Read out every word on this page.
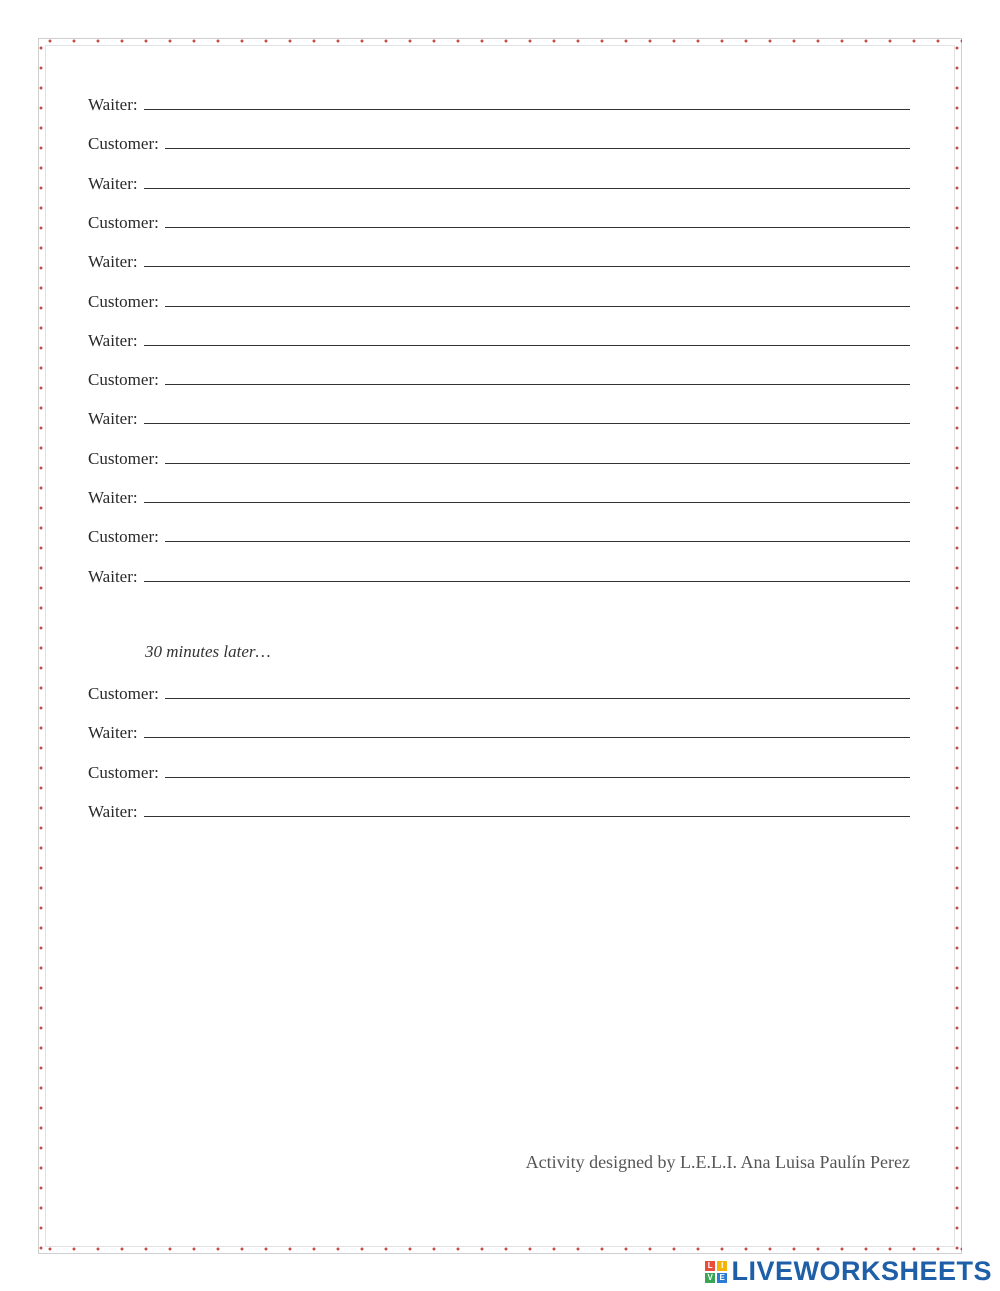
Waiter:
Customer:
Waiter:
Customer:
Waiter:
Customer:
Waiter:
Customer:
Waiter:
Customer:
Waiter:
Customer:
Waiter:
30 minutes later…
Customer:
Waiter:
Customer:
Waiter:
Activity designed by L.E.L.I. Ana Luisa Paulín Perez
L I
V E LIVEWORKSHEETS
